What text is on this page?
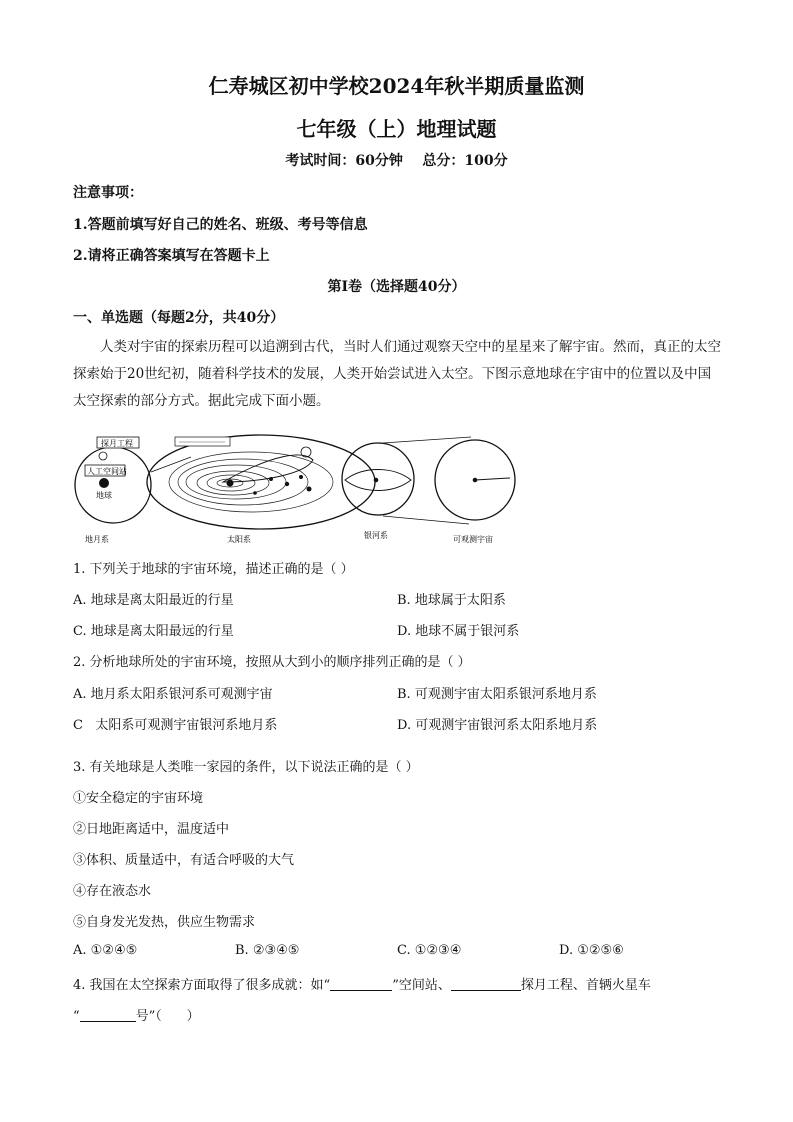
仁寿城区初中学校2024年秋半期质量监测
七年级（上）地理试题
考试时间：60分钟    总分：100分
注意事项：
1.答题前填写好自己的姓名、班级、考号等信息
2.请将正确答案填写在答题卡上
第I卷（选择题40分）
一、单选题（每题2分，共40分）
人类对宇宙的探索历程可以追溯到古代，当时人们通过观察天空中的星星来了解宇宙。然而，真正的太空探索始于20世纪初，随着科学技术的发展，人类开始尝试进入太空。下图示意地球在宇宙中的位置以及中国太空探索的部分方式。据此完成下面小题。
探月工程
人工空间站
地球
太阳系	银河系	可观测宇宙
地月系
1. 下列关于地球的宇宙环境，描述正确的是（ ）
A. 地球是离太阳最近的行星	B. 地球属于太阳系
C. 地球是离太阳最远的行星	D. 地球不属于银河系
2. 分析地球所处的宇宙环境，按照从大到小的顺序排列正确的是（ ）
A. 地月系太阳系银河系可观测宇宙	B. 可观测宇宙太阳系银河系地月系
C   太阳系可观测宇宙银河系地月系	D. 可观测宇宙银河系太阳系地月系
3. 有关地球是人类唯一家园的条件，以下说法正确的是（ ）
①安全稳定的宇宙环境
②日地距离适中，温度适中
③体积、质量适中，有适合呼吸的大气
④存在液态水
⑤自身发光发热，供应生物需求
A. ①②④⑤	B. ②③④⑤	C. ①②③④	D. ①②⑤⑥
4. 我国在太空探索方面取得了很多成就：如“	”空间站、	探月工程、首辆火星车
“	号”（      ）
